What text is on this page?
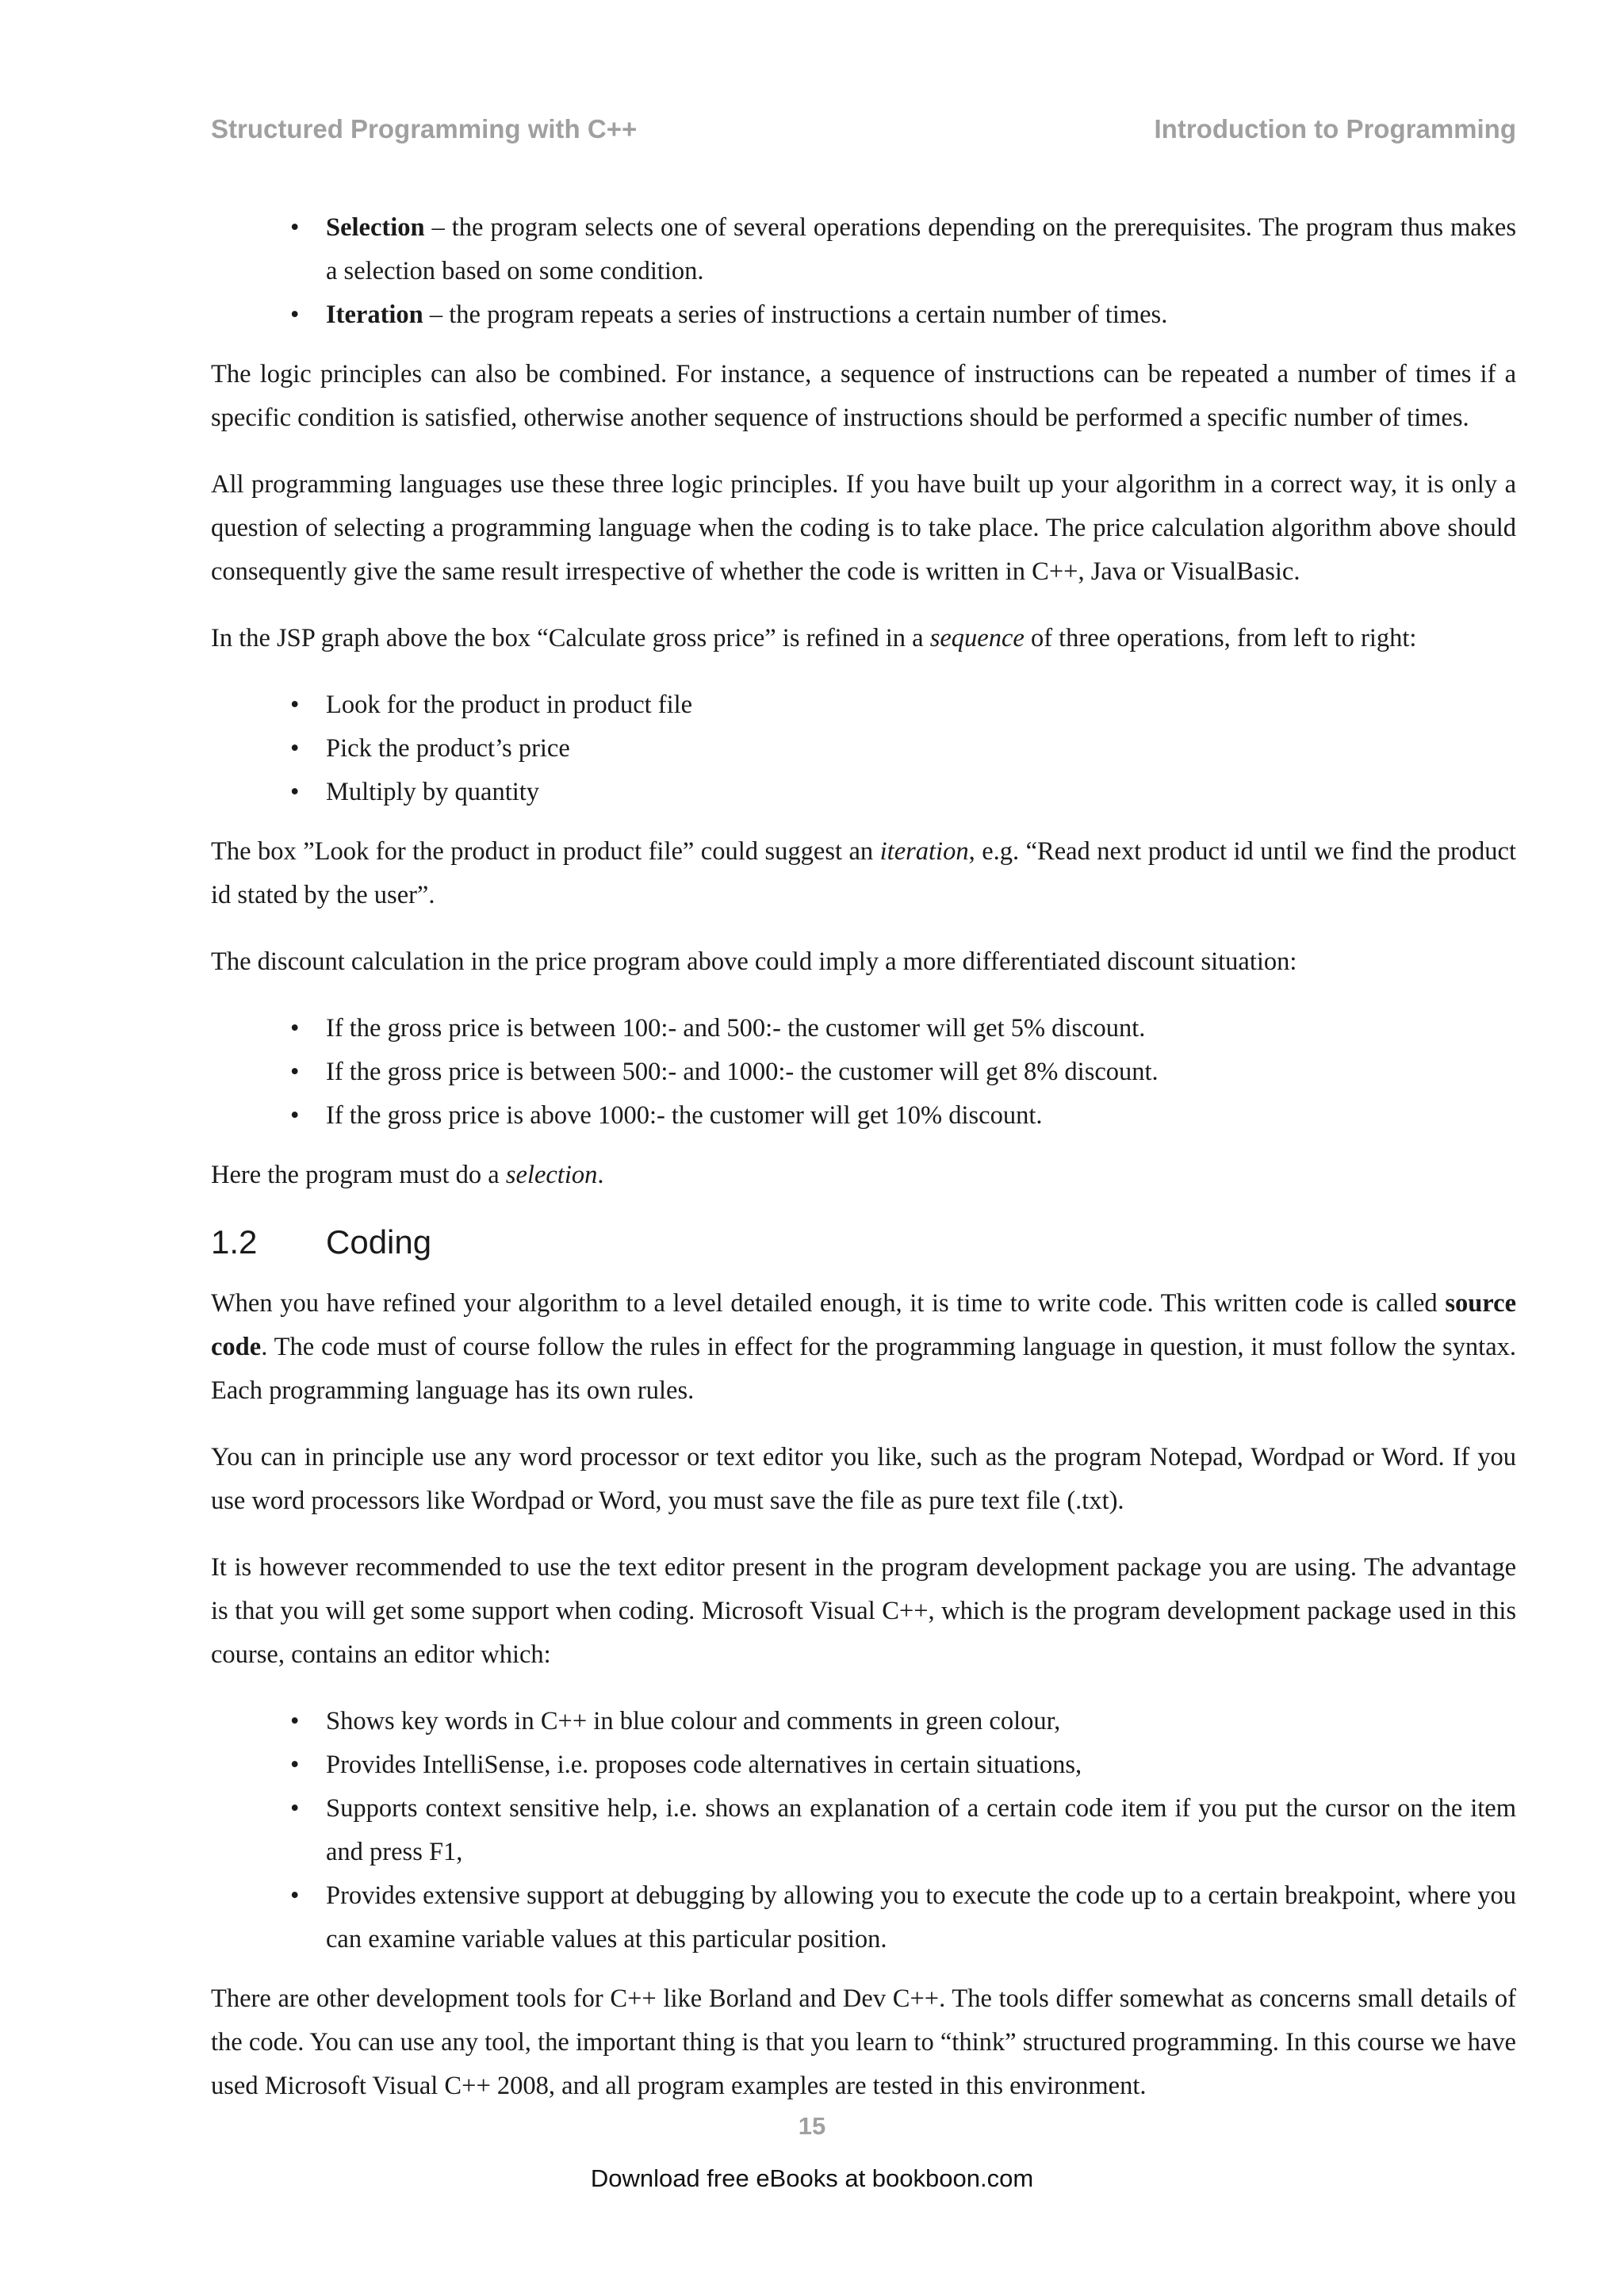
Structured Programming with C++	Introduction to Programming
• Selection – the program selects one of several operations depending on the prerequisites. The program thus makes a selection based on some condition.
• Iteration – the program repeats a series of instructions a certain number of times.

The logic principles can also be combined. For instance, a sequence of instructions can be repeated a number of times if a specific condition is satisfied, otherwise another sequence of instructions should be performed a specific number of times.

All programming languages use these three logic principles. If you have built up your algorithm in a correct way, it is only a question of selecting a programming language when the coding is to take place. The price calculation algorithm above should consequently give the same result irrespective of whether the code is written in C++, Java or VisualBasic.

In the JSP graph above the box “Calculate gross price” is refined in a sequence of three operations, from left to right:

• Look for the product in product file
• Pick the product’s price
• Multiply by quantity

The box ”Look for the product in product file” could suggest an iteration, e.g. “Read next product id until we find the product id stated by the user”.

The discount calculation in the price program above could imply a more differentiated discount situation:

• If the gross price is between 100:- and 500:- the customer will get 5% discount.
• If the gross price is between 500:- and 1000:- the customer will get 8% discount.
• If the gross price is above 1000:- the customer will get 10% discount.

Here the program must do a selection.

1.2	Coding

When you have refined your algorithm to a level detailed enough, it is time to write code. This written code is called source code. The code must of course follow the rules in effect for the programming language in question, it must follow the syntax. Each programming language has its own rules.

You can in principle use any word processor or text editor you like, such as the program Notepad, Wordpad or Word. If you use word processors like Wordpad or Word, you must save the file as pure text file (.txt).

It is however recommended to use the text editor present in the program development package you are using. The advantage is that you will get some support when coding. Microsoft Visual C++, which is the program development package used in this course, contains an editor which:

• Shows key words in C++ in blue colour and comments in green colour,
• Provides IntelliSense, i.e. proposes code alternatives in certain situations,
• Supports context sensitive help, i.e. shows an explanation of a certain code item if you put the cursor on the item and press F1,
• Provides extensive support at debugging by allowing you to execute the code up to a certain breakpoint, where you can examine variable values at this particular position.

There are other development tools for C++ like Borland and Dev C++. The tools differ somewhat as concerns small details of the code. You can use any tool, the important thing is that you learn to “think” structured programming. In this course we have used Microsoft Visual C++ 2008, and all program examples are tested in this environment.

15
Download free eBooks at bookboon.com
